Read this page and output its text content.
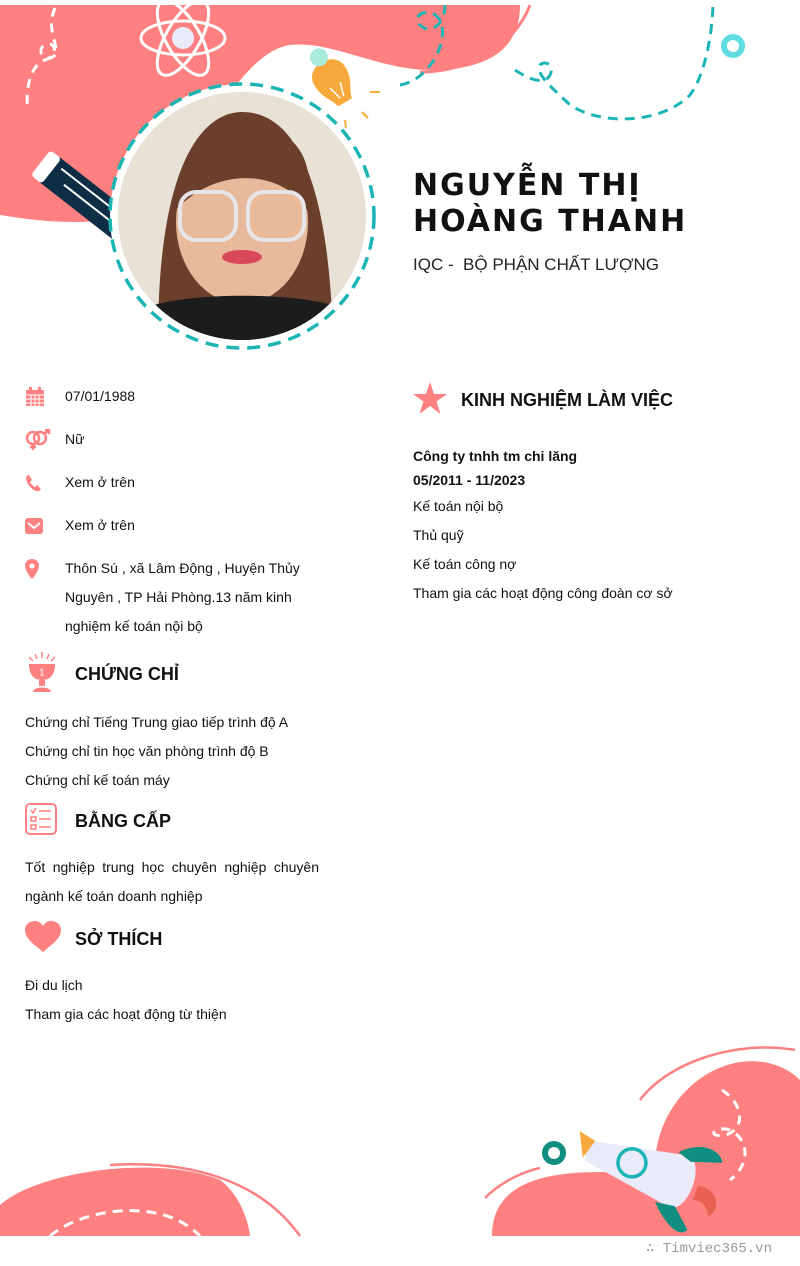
NGUYỄN THỊ HOÀNG THANH
IQC -  BỘ PHẬN CHẤT LƯỢNG
07/01/1988
Nữ
Xem ở trên
Xem ở trên
Thôn Sú , xã Lâm Động , Huyện Thủy Nguyên , TP Hải Phòng.13 năm kinh nghiệm kế toán nội bộ
1 CHỨNG CHỈ
Chứng chỉ Tiếng Trung giao tiếp trình độ A
Chứng chỉ tin học văn phòng trình độ B
Chứng chỉ kế toán máy
BẰNG CẤP
Tốt nghiệp trung học chuyên nghiệp chuyên ngành kế toán doanh nghiệp
SỞ THÍCH
Đi du lịch
Tham gia các hoạt động từ thiện
KINH NGHIỆM LÀM VIỆC
Công ty tnhh tm chi lăng
05/2011 - 11/2023
Kế toán nội bộ
Thủ quỹ
Kế toán công nợ
Tham gia các hoạt động công đoàn cơ sở
∴ Timviec365.vn
